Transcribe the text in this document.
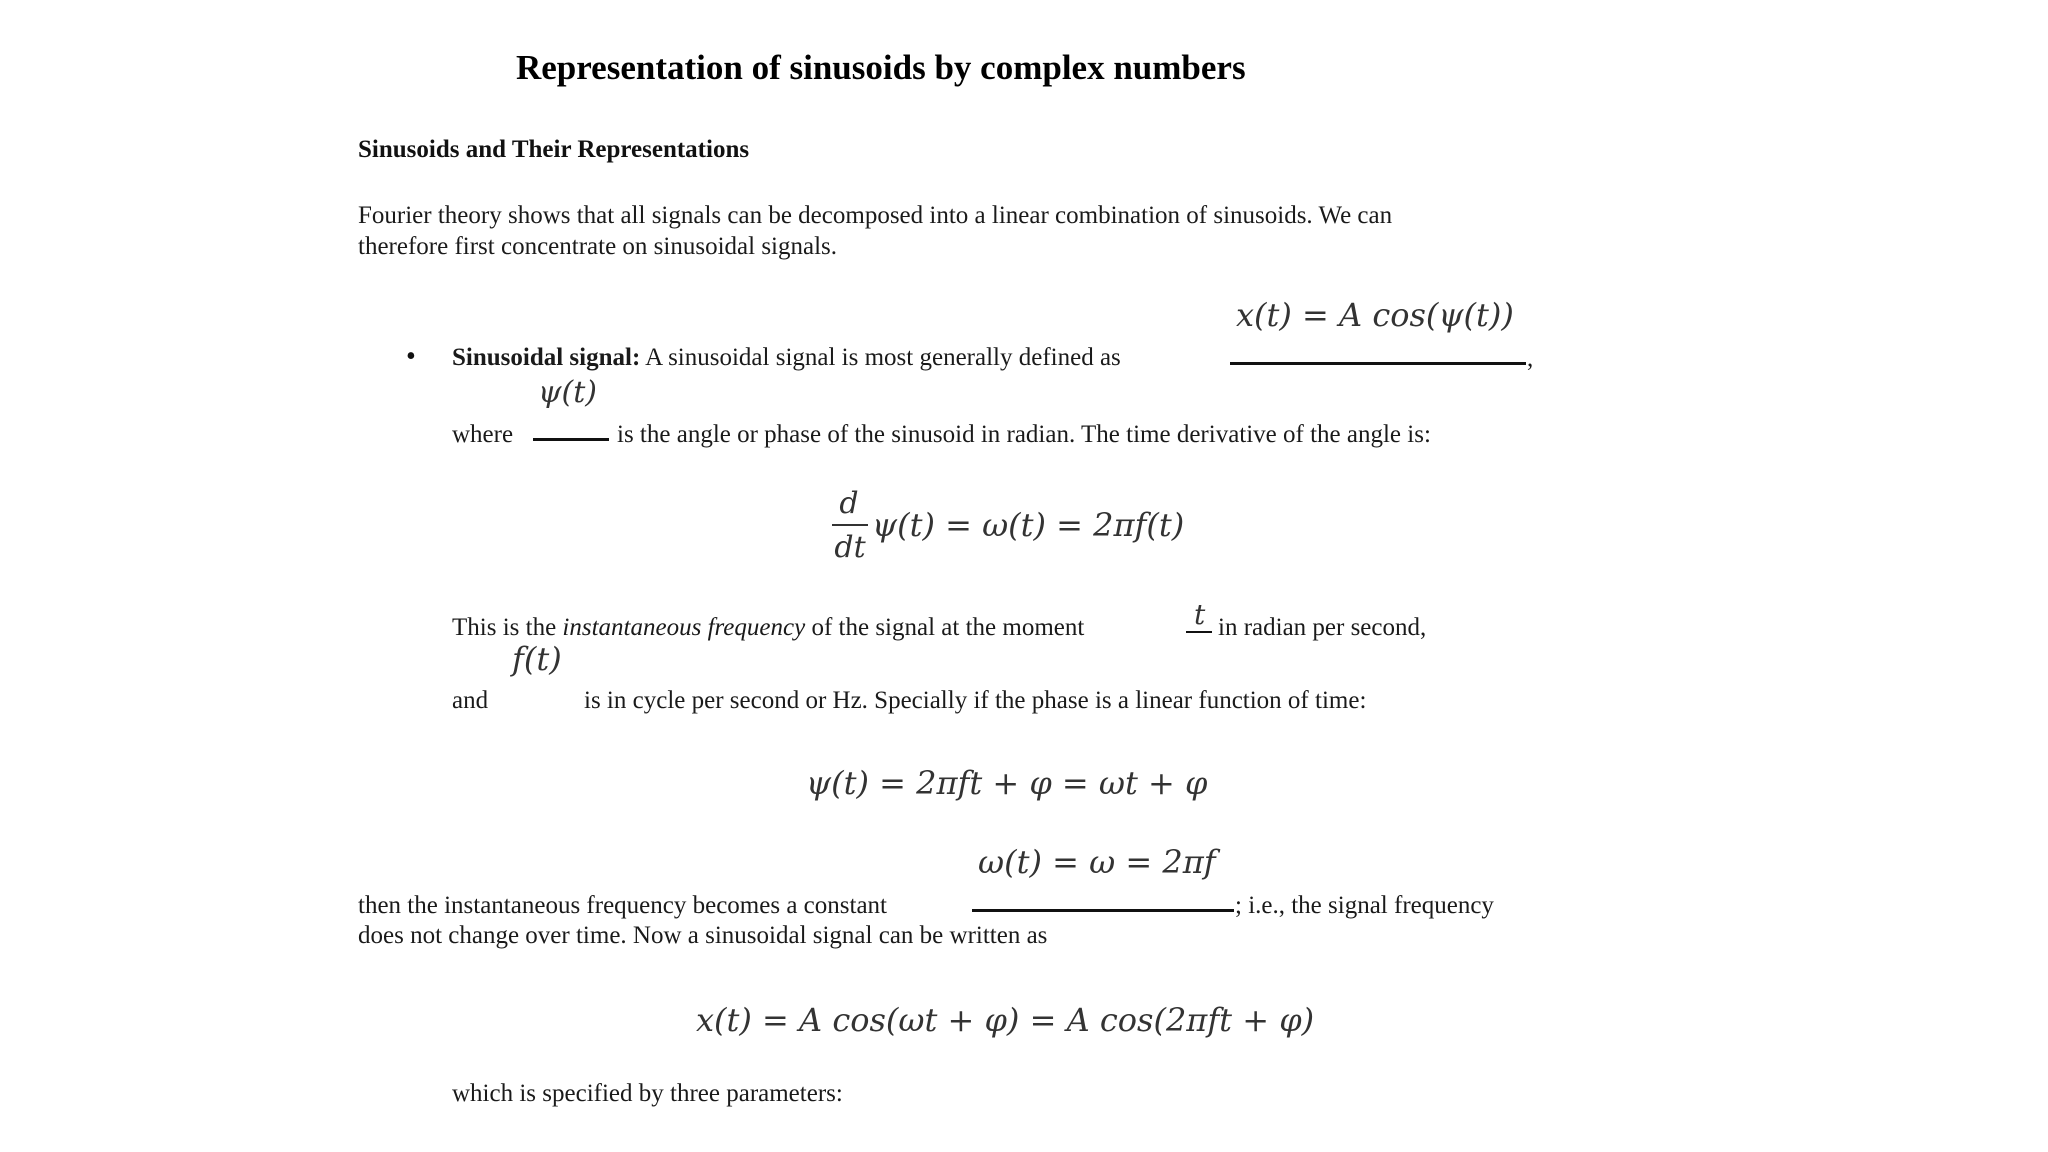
Representation of sinusoids by complex numbers
Sinusoids and Their Representations
Fourier theory shows that all signals can be decomposed into a linear combination of sinusoids. We can
therefore first concentrate on sinusoidal signals.
• Sinusoidal signal: A sinusoidal signal is most generally defined as
x(t) = A cos(ψ(t))
,
ψ(t)
where	is the angle or phase of the sinusoid in radian. The time derivative of the angle is:
d
dt
ψ(t) = ω(t) = 2πf(t)
This is the instantaneous frequency of the signal at the moment	t in radian per second,
f(t)
and	is in cycle per second or Hz. Specially if the phase is a linear function of time:
ψ(t) = 2πft + φ = ωt + φ
ω(t) = ω = 2πf
then the instantaneous frequency becomes a constant	; i.e., the signal frequency
does not change over time. Now a sinusoidal signal can be written as
x(t) = A cos(ωt + φ) = A cos(2πft + φ)
which is specified by three parameters:
